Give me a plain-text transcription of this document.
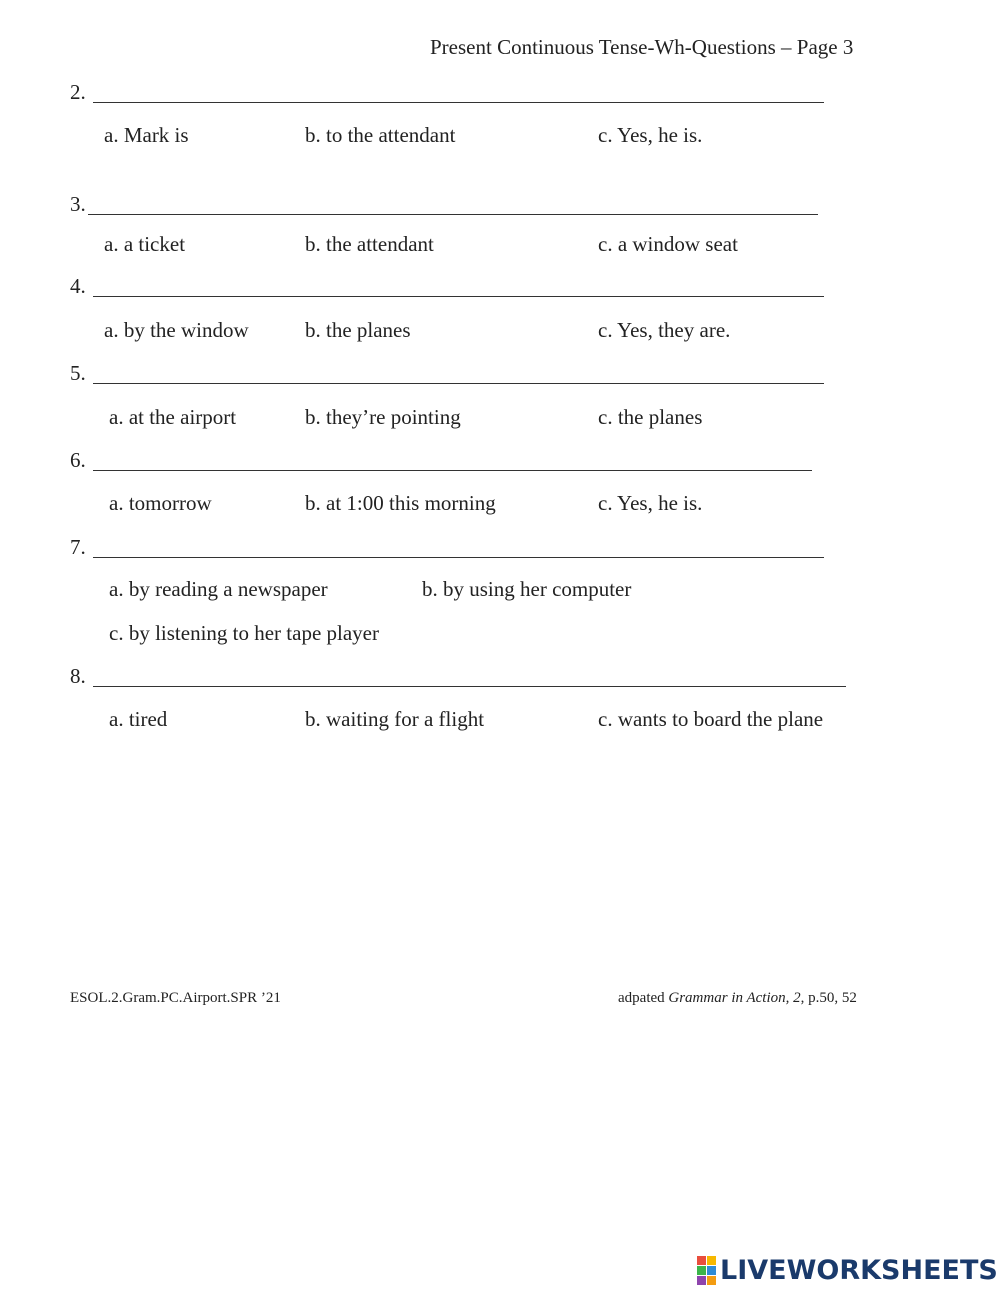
Present Continuous Tense-Wh-Questions – Page 3
2.
a. Mark is	b. to the attendant	c. Yes, he is.
3.
a. a ticket	b. the attendant	c. a window seat
4.
a. by the window	b. the planes	c. Yes, they are.
5.
a. at the airport	b. they’re pointing	c. the planes
6.
a. tomorrow	b. at 1:00 this morning	c. Yes, he is.
7.
a. by reading a newspaper	b. by using her computer
c. by listening to her tape player
8.
a. tired	b. waiting for a flight	c. wants to board the plane
ESOL.2.Gram.PC.Airport.SPR ’21	adpated Grammar in Action, 2, p.50, 52
LIVEWORKSHEETS
